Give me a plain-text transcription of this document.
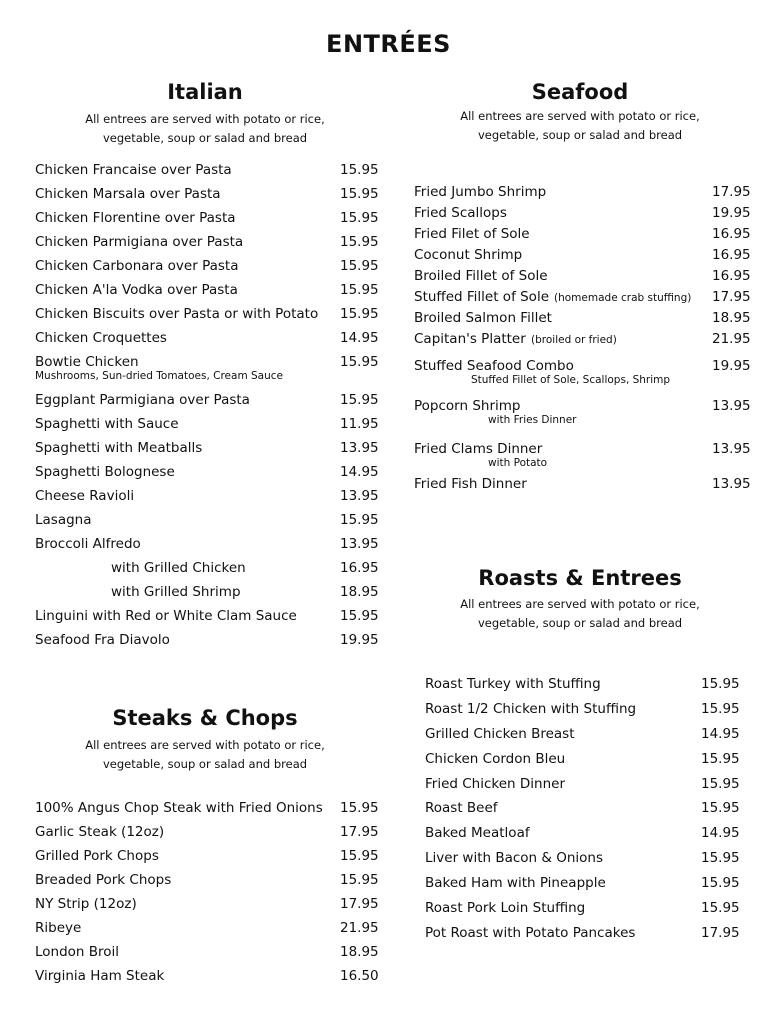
ENTRÉES
Italian
All entrees are served with potato or rice,
vegetable, soup or salad and bread
Chicken Francaise over Pasta	15.95
Chicken Marsala over Pasta	15.95
Chicken Florentine over Pasta	15.95
Chicken Parmigiana over Pasta	15.95
Chicken Carbonara over Pasta	15.95
Chicken A'la Vodka over Pasta	15.95
Chicken Biscuits over Pasta or with Potato 15.95
Chicken Croquettes	14.95
Bowtie Chicken	15.95
Mushrooms, Sun-dried Tomatoes, Cream Sauce
Eggplant Parmigiana over Pasta	15.95
Spaghetti with Sauce	11.95
Spaghetti with Meatballs	13.95
Spaghetti Bolognese	14.95
Cheese Ravioli	13.95
Lasagna	15.95
Broccoli Alfredo	13.95
with Grilled Chicken	16.95
with Grilled Shrimp	18.95
Linguini with Red or White Clam Sauce	15.95
Seafood Fra Diavolo	19.95
Steaks & Chops
All entrees are served with potato or rice,
vegetable, soup or salad and bread
100% Angus Chop Steak with Fried Onions 15.95
Garlic Steak (12oz)	17.95
Grilled Pork Chops	15.95
Breaded Pork Chops	15.95
NY Strip (12oz)	17.95
Ribeye	21.95
London Broil	18.95
Virginia Ham Steak	16.50
Seafood
All entrees are served with potato or rice,
vegetable, soup or salad and bread
Fried Jumbo Shrimp	17.95
Fried Scallops	19.95
Fried Filet of Sole	16.95
Coconut Shrimp	16.95
Broiled Fillet of Sole	16.95
Stuffed Fillet of Sole (homemade crab stuffing) 17.95
Broiled Salmon Fillet	18.95
Capitan's Platter (broiled or fried)	21.95
Stuffed Seafood Combo	19.95
Stuffed Fillet of Sole, Scallops, Shrimp
Popcorn Shrimp	13.95
with Fries Dinner
Fried Clams Dinner	13.95
with Potato
Fried Fish Dinner	13.95
Roasts & Entrees
All entrees are served with potato or rice,
vegetable, soup or salad and bread
Roast Turkey with Stuffing	15.95
Roast 1/2 Chicken with Stuffing	15.95
Grilled Chicken Breast	14.95
Chicken Cordon Bleu	15.95
Fried Chicken Dinner	15.95
Roast Beef	15.95
Baked Meatloaf	14.95
Liver with Bacon & Onions	15.95
Baked Ham with Pineapple	15.95
Roast Pork Loin Stuffing	15.95
Pot Roast with Potato Pancakes	17.95
